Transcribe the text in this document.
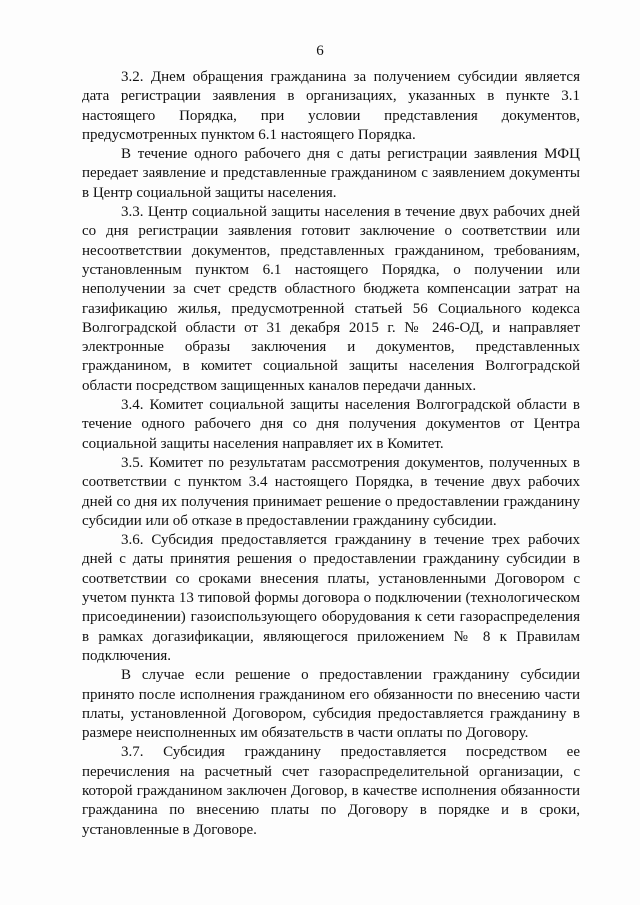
6

3.2. Днем обращения гражданина за получением субсидии является дата регистрации заявления в организациях, указанных в пункте 3.1 настоящего Порядка, при условии представления документов, предусмотренных пунктом 6.1 настоящего Порядка.

В течение одного рабочего дня с даты регистрации заявления МФЦ передает заявление и представленные гражданином с заявлением документы в Центр социальной защиты населения.

3.3. Центр социальной защиты населения в течение двух рабочих дней со дня регистрации заявления готовит заключение о соответствии или несоответствии документов, представленных гражданином, требованиям, установленным пунктом 6.1 настоящего Порядка, о получении или неполучении за счет средств областного бюджета компенсации затрат на газификацию жилья, предусмотренной статьей 56 Социального кодекса Волгоградской области от 31 декабря 2015 г. № 246-ОД, и направляет электронные образы заключения и документов, представленных гражданином, в комитет социальной защиты населения Волгоградской области посредством защищенных каналов передачи данных.

3.4. Комитет социальной защиты населения Волгоградской области в течение одного рабочего дня со дня получения документов от Центра социальной защиты населения направляет их в Комитет.

3.5. Комитет по результатам рассмотрения документов, полученных в соответствии с пунктом 3.4 настоящего Порядка, в течение двух рабочих дней со дня их получения принимает решение о предоставлении гражданину субсидии или об отказе в предоставлении гражданину субсидии.

3.6. Субсидия предоставляется гражданину в течение трех рабочих дней с даты принятия решения о предоставлении гражданину субсидии в соответствии со сроками внесения платы, установленными Договором с учетом пункта 13 типовой формы договора о подключении (технологическом присоединении) газоиспользующего оборудования к сети газораспределения в рамках догазификации, являющегося приложением № 8 к Правилам подключения.

В случае если решение о предоставлении гражданину субсидии принято после исполнения гражданином его обязанности по внесению части платы, установленной Договором, субсидия предоставляется гражданину в размере неисполненных им обязательств в части оплаты по Договору.

3.7. Субсидия гражданину предоставляется посредством ее перечисления на расчетный счет газораспределительной организации, с которой гражданином заключен Договор, в качестве исполнения обязанности гражданина по внесению платы по Договору в порядке и в сроки, установленные в Договоре.
